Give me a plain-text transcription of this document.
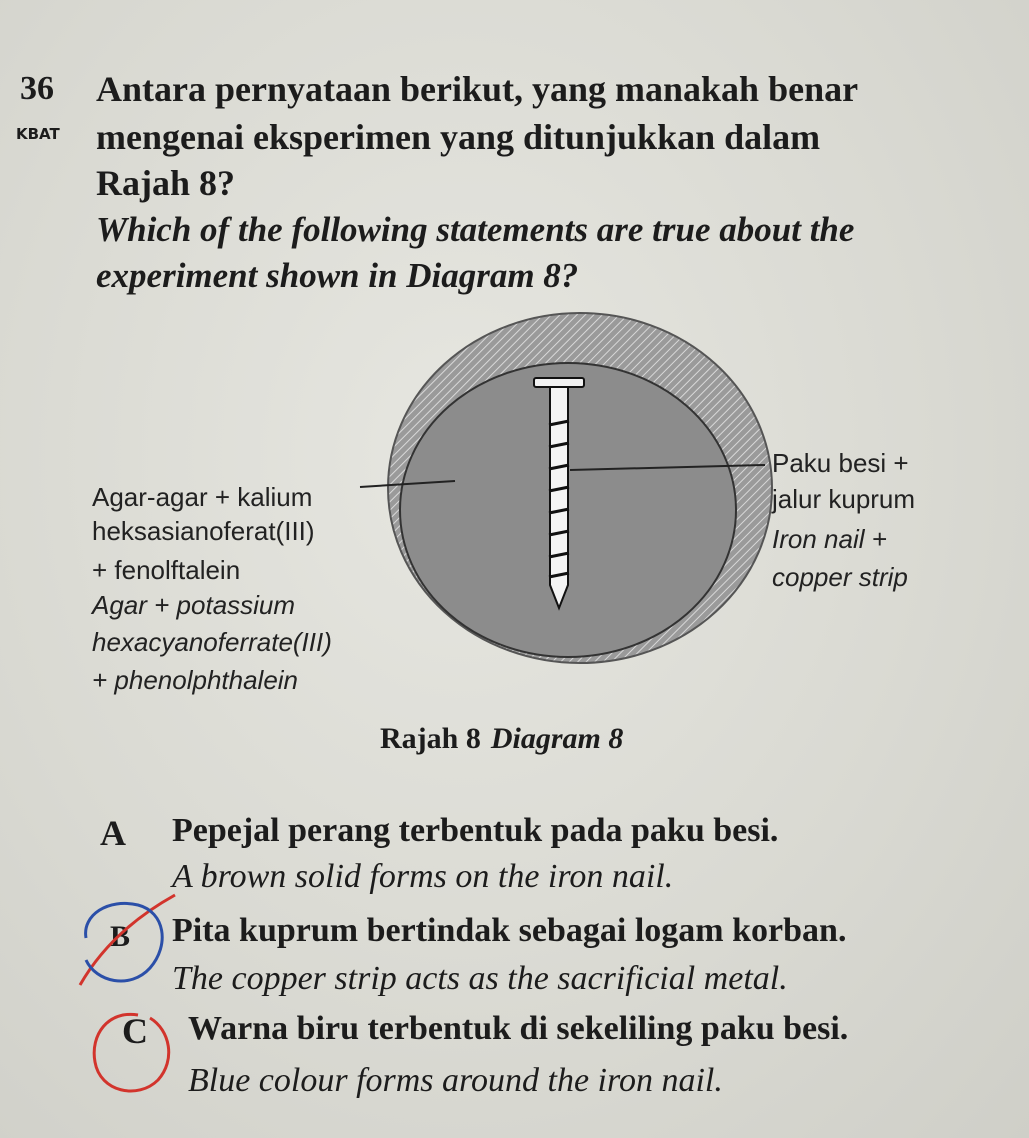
36
KBAT
Antara pernyataan berikut, yang manakah benar
mengenai eksperimen yang ditunjukkan dalam
Rajah 8?
Which of the following statements are true about the
experiment shown in Diagram 8?
Agar-agar + kalium
heksasianoferat(III)
+ fenolftalein
Agar + potassium
hexacyanoferrate(III)
+ phenolphthalein
Paku besi +
jalur kuprum
Iron nail +
copper strip
Rajah 8 Diagram 8
A Pepejal perang terbentuk pada paku besi.
A brown solid forms on the iron nail.
B Pita kuprum bertindak sebagai logam korban.
The copper strip acts as the sacrificial metal.
C Warna biru terbentuk di sekeliling paku besi.
Blue colour forms around the iron nail.
